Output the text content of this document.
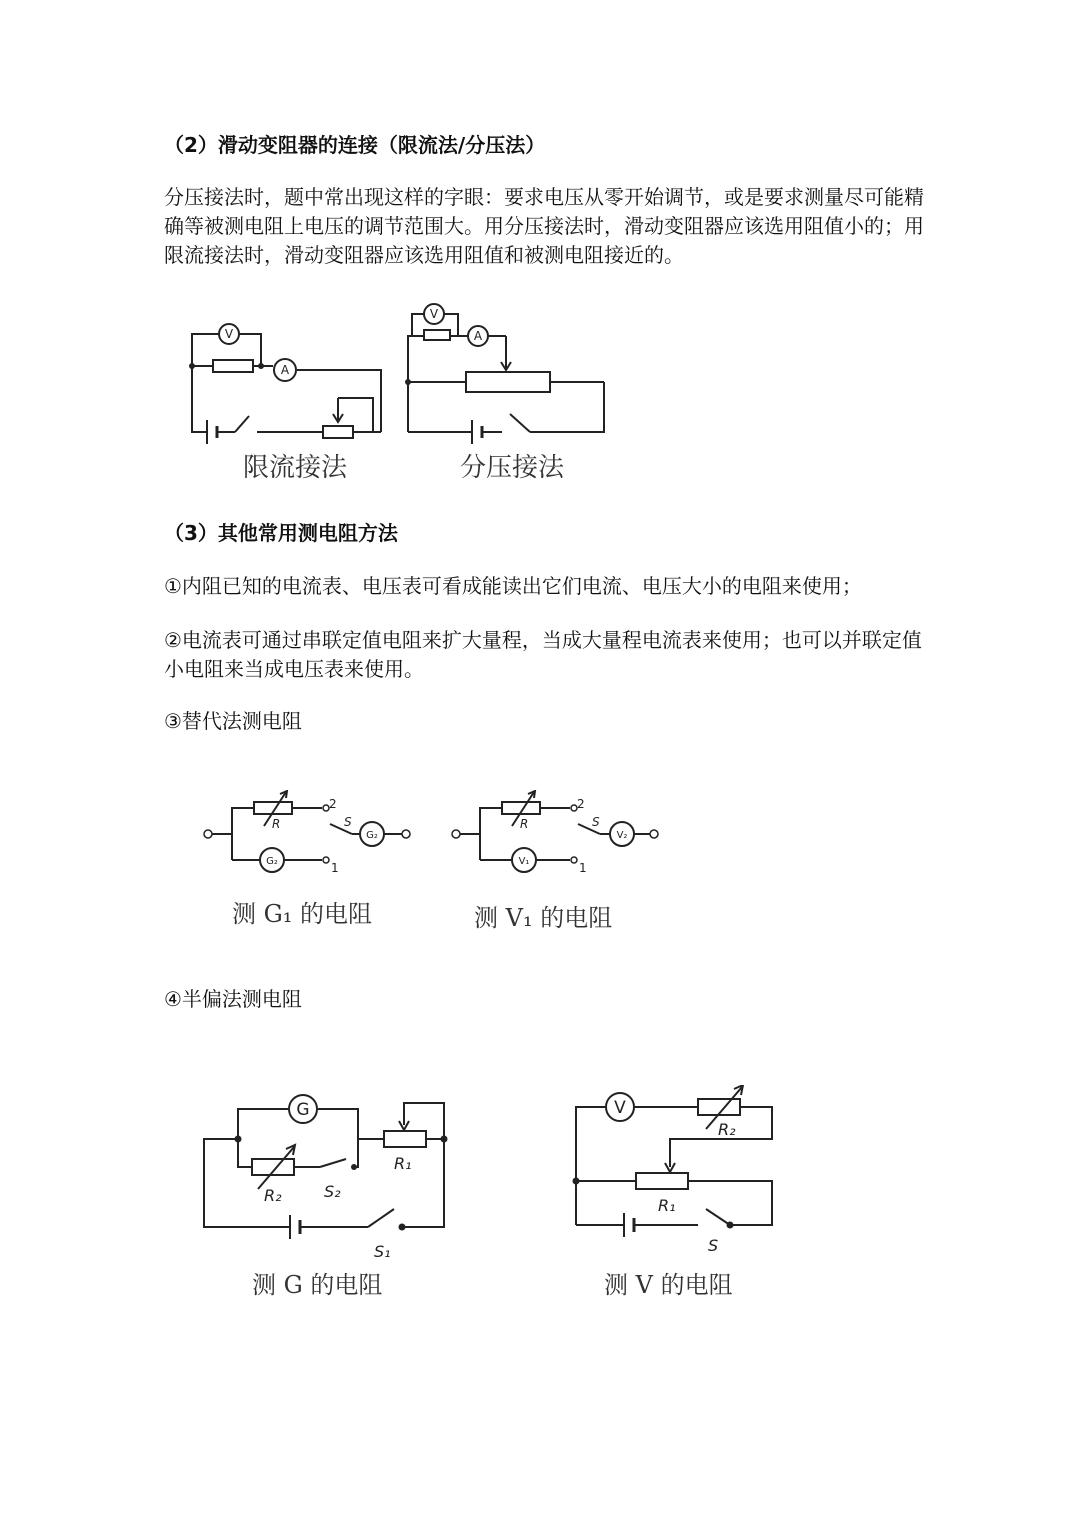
（2）滑动变阻器的连接（限流法/分压法）

分压接法时，题中常出现这样的字眼：要求电压从零开始调节，或是要求测量尽可能精确等被测电阻上电压的调节范围大。用分压接法时，滑动变阻器应该选用阻值小的；用限流接法时，滑动变阻器应该选用阻值和被测电阻接近的。

V
A
限流接法
V
A
分压接法

（3）其他常用测电阻方法

①内阻已知的电流表、电压表可看成能读出它们电流、电压大小的电阻来使用；

②电流表可通过串联定值电阻来扩大量程，当成大量程电流表来使用；也可以并联定值小电阻来当成电压表来使用。

③替代法测电阻

R
2
1
S
G₂
G₂
测 G₁ 的电阻
R
2
1
S
V₂
V₁
测 V₁ 的电阻

④半偏法测电阻

G
R₁
R₂	S₂
S₁
测 G 的电阻
V
R₂
R₁
S
测 V 的电阻
